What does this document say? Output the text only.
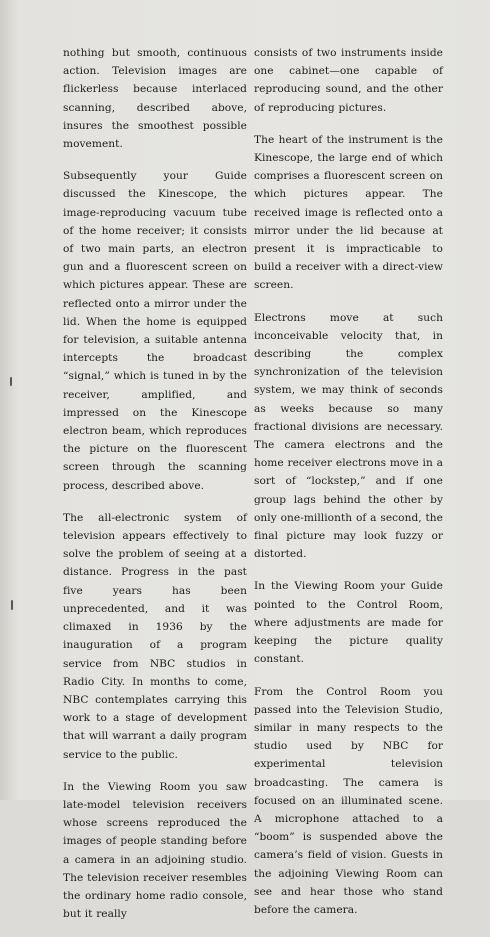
nothing but smooth, continuous action. Television images are flickerless because interlaced scanning, described above, insures the smoothest possible movement.

Subsequently your Guide discussed the Kinescope, the image-reproducing vacuum tube of the home receiver; it consists of two main parts, an electron gun and a fluorescent screen on which pictures appear. These are reflected onto a mirror under the lid. When the home is equipped for television, a suitable antenna intercepts the broadcast “signal,” which is tuned in by the receiver, amplified, and impressed on the Kinescope electron beam, which reproduces the picture on the fluorescent screen through the scanning process, described above.

The all-electronic system of television appears effectively to solve the problem of seeing at a distance. Progress in the past five years has been unprecedented, and it was climaxed in 1936 by the inauguration of a program service from NBC studios in Radio City. In months to come, NBC contemplates carrying this work to a stage of development that will warrant a daily program service to the public.

In the Viewing Room you saw late-model television receivers whose screens reproduced the images of people standing before a camera in an adjoining studio. The television receiver resembles the ordinary home radio console, but it really

consists of two instruments inside one cabinet—one capable of reproducing sound, and the other of reproducing pictures.

The heart of the instrument is the Kinescope, the large end of which comprises a fluorescent screen on which pictures appear. The received image is reflected onto a mirror under the lid because at present it is impracticable to build a receiver with a direct-view screen.

Electrons move at such inconceivable velocity that, in describing the complex synchronization of the television system, we may think of seconds as weeks because so many fractional divisions are necessary. The camera electrons and the home receiver electrons move in a sort of “lockstep,” and if one group lags behind the other by only one-millionth of a second, the final picture may look fuzzy or distorted.

In the Viewing Room your Guide pointed to the Control Room, where adjustments are made for keeping the picture quality constant.

From the Control Room you passed into the Television Studio, similar in many respects to the studio used by NBC for experimental television broadcasting. The camera is focused on an illuminated scene. A microphone attached to a “boom” is suspended above the camera’s field of vision. Guests in the adjoining Viewing Room can see and hear those who stand before the camera.
